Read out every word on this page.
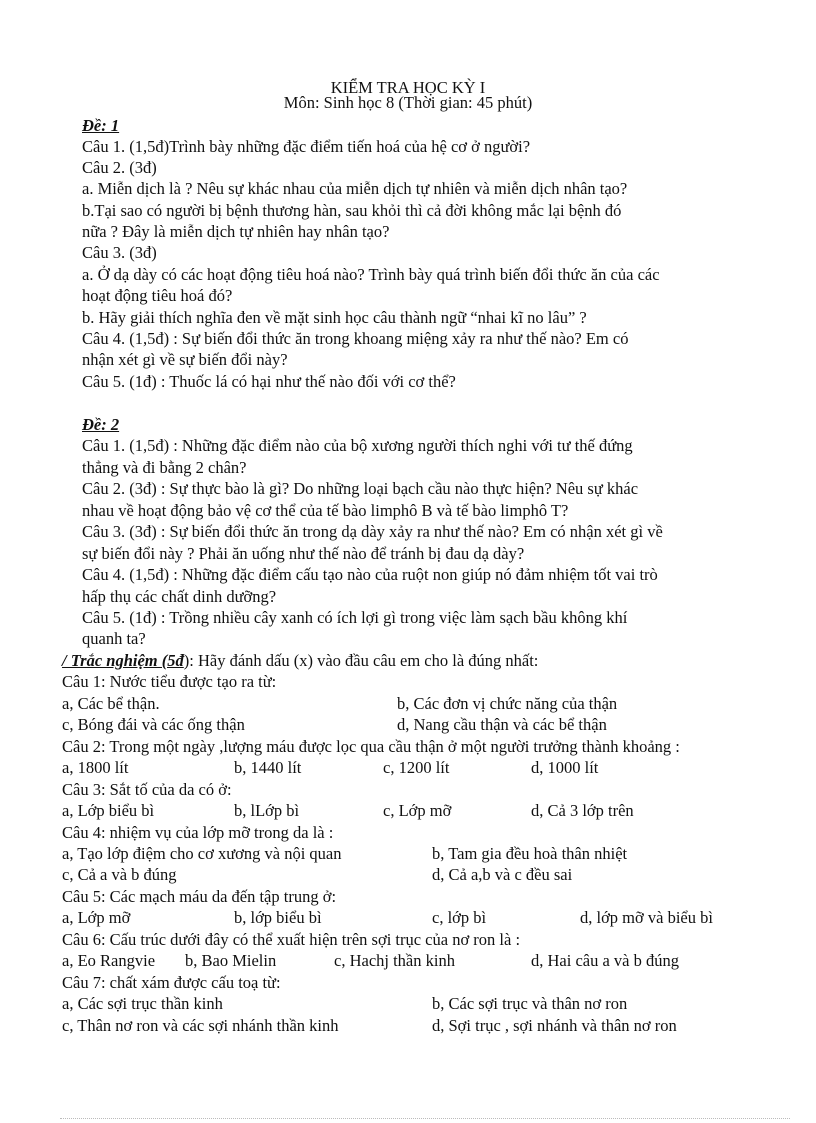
KIỂM TRA HỌC KỲ I
Môn: Sinh học 8 (Thời gian: 45 phút)
Đề: 1
Câu 1. (1,5đ)Trình bày những đặc điểm tiến hoá của hệ cơ ở người?
Câu 2. (3đ)
a. Miễn dịch là ? Nêu sự khác nhau của miễn dịch tự nhiên và miễn dịch nhân tạo?
b.Tại sao có người bị bệnh thương hàn, sau khỏi thì cả đời không mắc lại bệnh đó
nữa ? Đây là miễn dịch tự nhiên hay nhân tạo?
Câu 3. (3đ)
a. Ở dạ dày có các hoạt động tiêu hoá nào? Trình bày quá trình biến đổi thức ăn của các
hoạt động tiêu hoá đó?
b. Hãy giải thích nghĩa đen về mặt sinh học câu thành ngữ “nhai kĩ no lâu” ?
Câu 4. (1,5đ) : Sự biến đổi thức ăn trong khoang miệng xảy ra như thế nào? Em có
nhận xét gì về sự biến đổi này?
Câu 5. (1đ) : Thuốc lá có hại như thế nào đối với cơ thể?
Đề: 2
Câu 1. (1,5đ) : Những đặc điểm nào của bộ xương người thích nghi với tư thế đứng
thẳng và đi bằng 2 chân?
Câu 2. (3đ) : Sự thực bào là gì? Do những loại bạch cầu nào thực hiện? Nêu sự khác
nhau về hoạt động bảo vệ cơ thể của tế bào limphô B và tế bào limphô T?
Câu 3. (3đ) : Sự biến đổi thức ăn trong dạ dày xảy ra như thế nào? Em có nhận xét gì về
sự biến đổi này ? Phải ăn uống như thế nào để tránh bị đau dạ dày?
Câu 4. (1,5đ) : Những đặc điểm cấu tạo nào của ruột non giúp nó đảm nhiệm tốt vai trò
hấp thụ các chất dinh dưỡng?
Câu 5. (1đ) : Trồng nhiều cây xanh có ích lợi gì trong việc làm sạch bầu không khí
quanh ta?
/ Trắc nghiệm (5đ): Hãy đánh dấu (x) vào đầu câu em cho là đúng nhất:
Câu 1: Nước tiểu được tạo ra từ:
a, Các bể thận.	b, Các đơn vị chức năng của thận
c, Bóng đái và các ống thận	d, Nang cầu thận và các bể thận
Câu 2: Trong một ngày ,lượng máu được lọc qua cầu thận ở một người trưởng thành khoảng :
a, 1800 lít	b, 1440 lít	c, 1200 lít	d, 1000 lít
Câu 3: Sắt tố của da có ở:
a, Lớp biểu bì	b, lLớp bì	c, Lớp mỡ	d, Cả 3 lớp trên
Câu 4: nhiệm vụ của lớp mỡ trong da là :
a, Tạo lớp điệm cho cơ xương và nội quan	b, Tam gia đều hoà thân nhiệt
c, Cả a và b đúng	d, Cả a,b và c đều sai
Câu 5: Các mạch máu da đến tập trung ở:
a, Lớp mỡ	b, lớp biểu bì	c, lớp bì	d, lớp mỡ và biểu bì
Câu 6: Cấu trúc dưới đây có thể xuất hiện trên sợi trục của nơ ron là :
a, Eo Rangvie b, Bao Mielin	c, Hachj thần kinh	d, Hai câu a và b đúng
Câu 7: chất xám được cấu toạ từ:
a, Các sợi trục thần kinh	b, Các sợi trục và thân nơ ron
c, Thân nơ ron và các sợi nhánh thần kinh	d, Sợi trục , sợi nhánh và thân nơ ron
